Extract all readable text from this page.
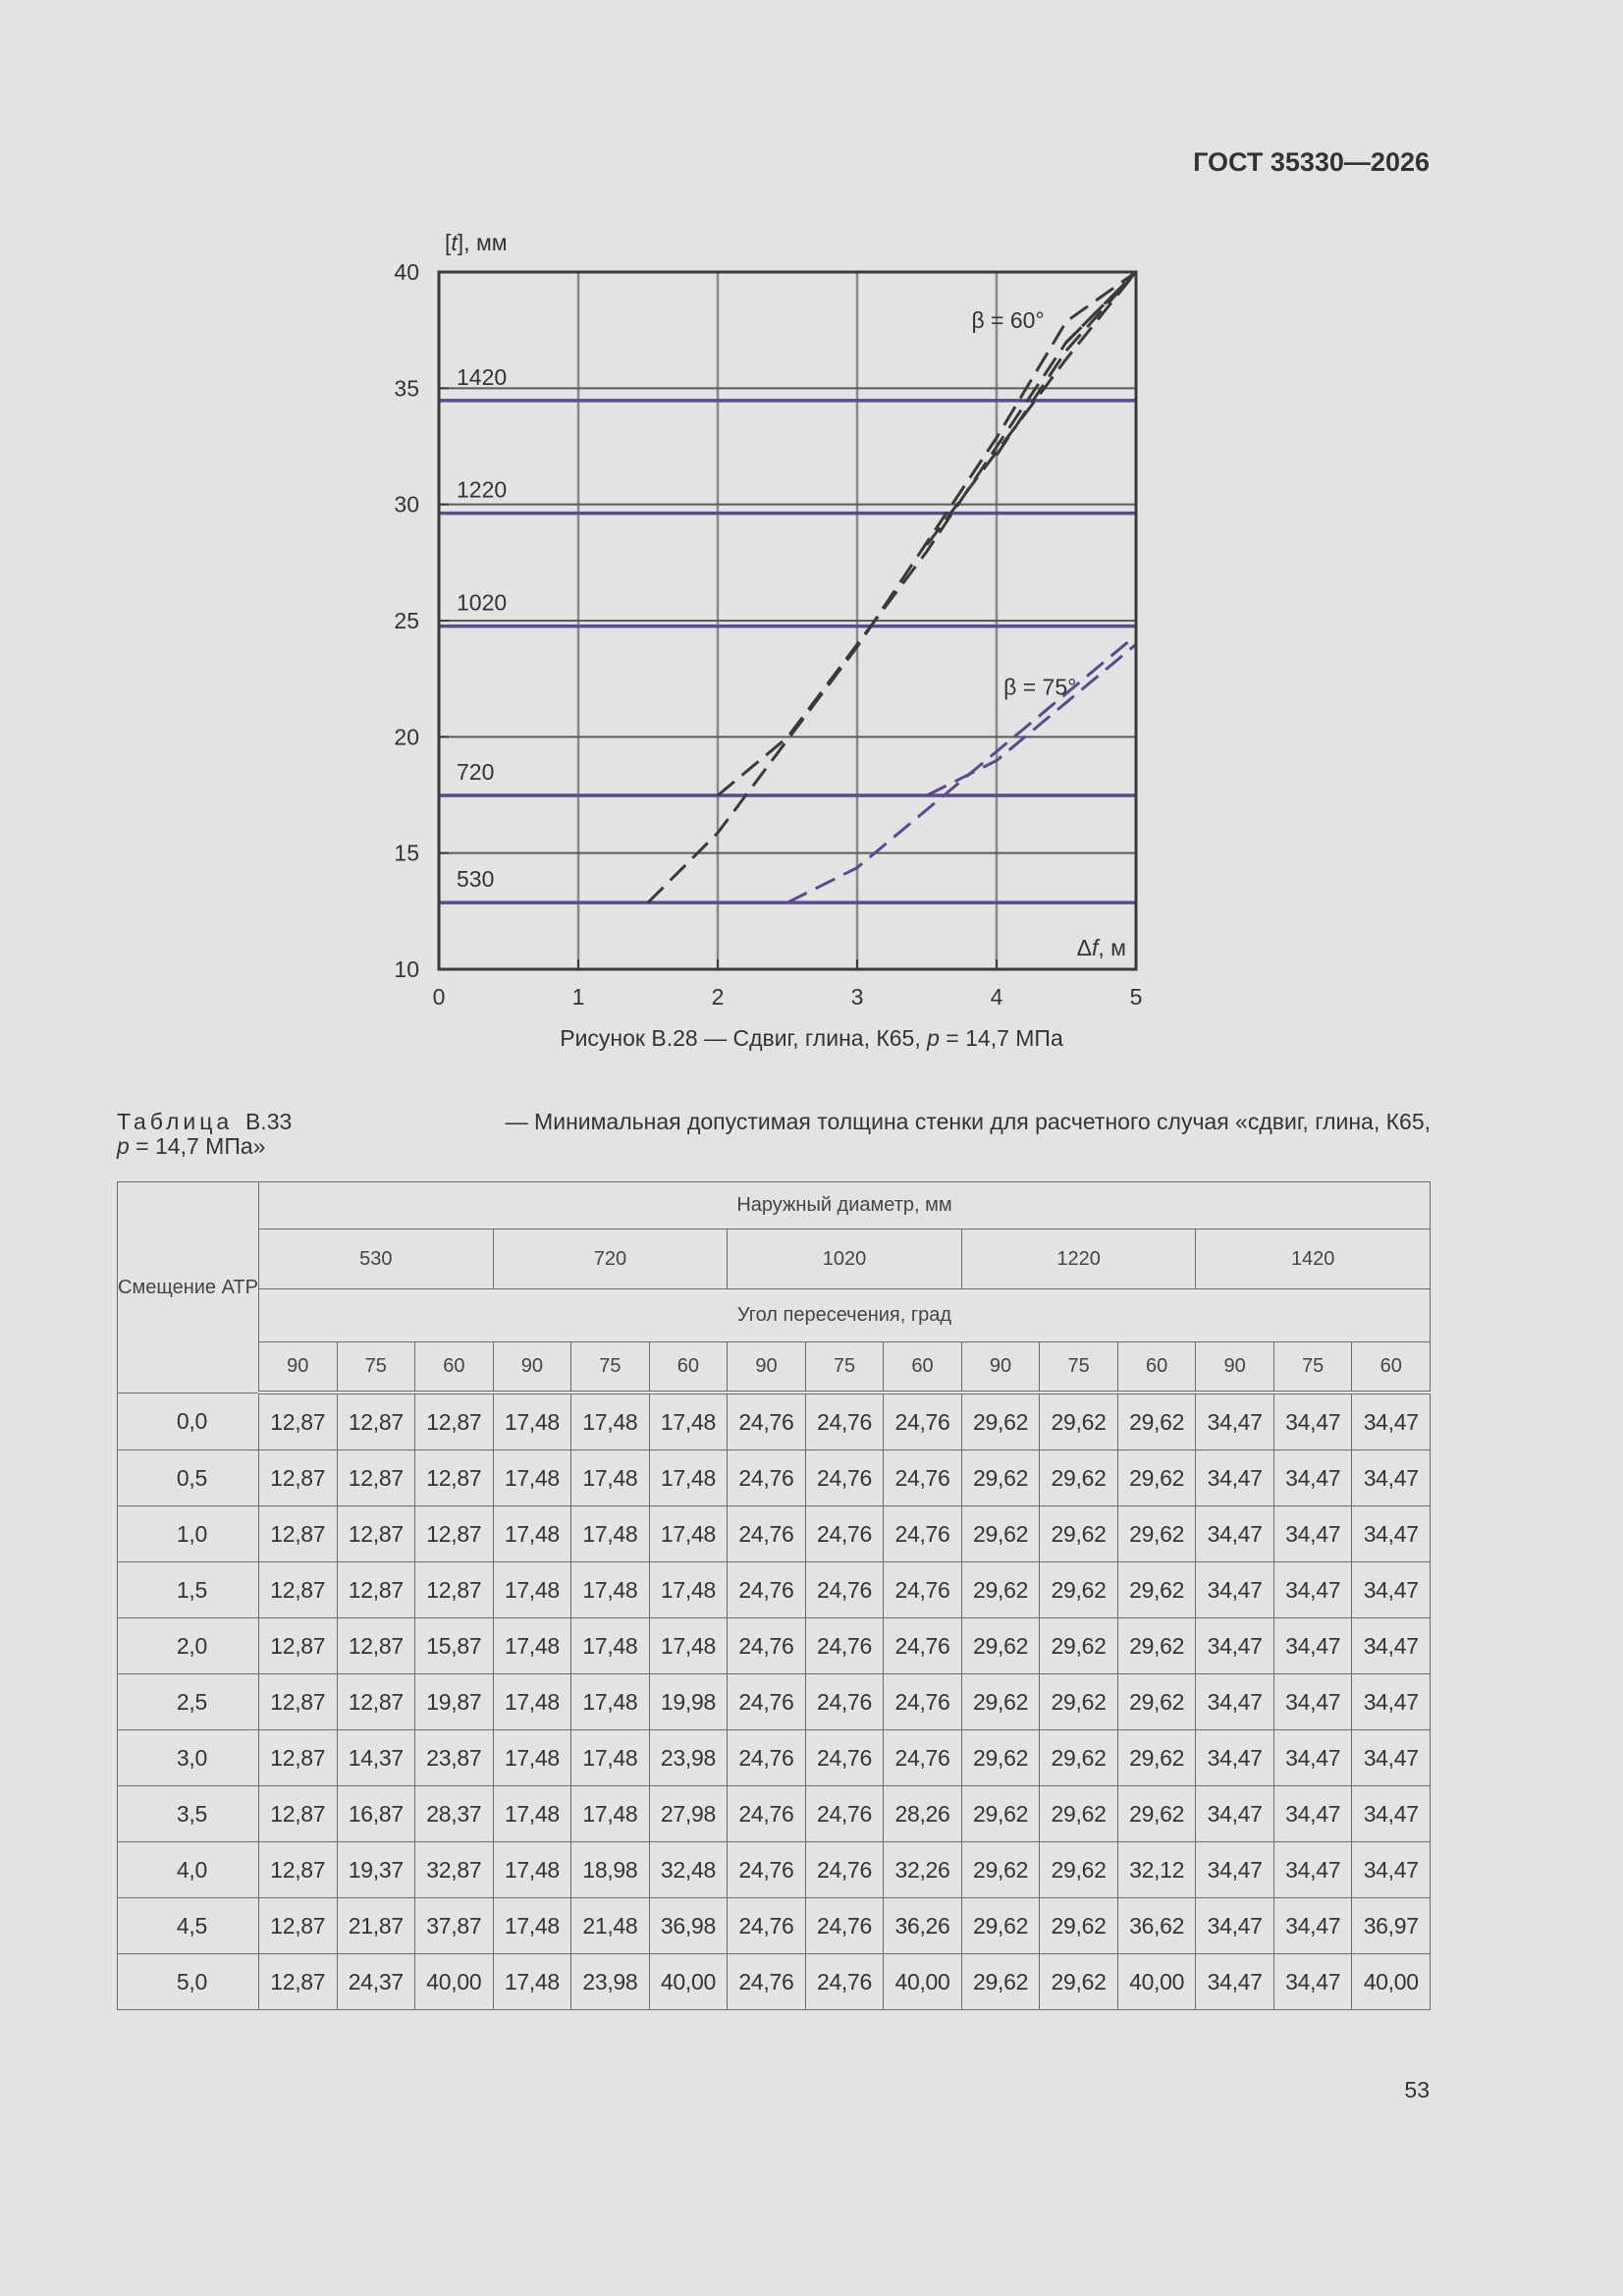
ГОСТ 35330—2026
530
720
1020
1220
1420
0	1	2	3	4	5
10
15
20
25
30
35
40
[t], мм
Δf, м
β = 60°
β = 75°
Рисунок В.28 — Сдвиг, глина, К65, p = 14,7 МПа
Таблица В.33	— Минимальная допустимая толщина стенки для расчетного случая «сдвиг, глина, К65,
p = 14,7 МПа»
Смещение АТР	Наружный диаметр, мм														
	530			720			1020			1220			1420		
	Угол пересечения, град														
	90	75	60	90	75	60	90	75	60	90	75	60	90	75	60
0,0	12,87	12,87	12,87	17,48	17,48	17,48	24,76	24,76	24,76	29,62	29,62	29,62	34,47	34,47	34,47
0,5	12,87	12,87	12,87	17,48	17,48	17,48	24,76	24,76	24,76	29,62	29,62	29,62	34,47	34,47	34,47
1,0	12,87	12,87	12,87	17,48	17,48	17,48	24,76	24,76	24,76	29,62	29,62	29,62	34,47	34,47	34,47
1,5	12,87	12,87	12,87	17,48	17,48	17,48	24,76	24,76	24,76	29,62	29,62	29,62	34,47	34,47	34,47
2,0	12,87	12,87	15,87	17,48	17,48	17,48	24,76	24,76	24,76	29,62	29,62	29,62	34,47	34,47	34,47
2,5	12,87	12,87	19,87	17,48	17,48	19,98	24,76	24,76	24,76	29,62	29,62	29,62	34,47	34,47	34,47
3,0	12,87	14,37	23,87	17,48	17,48	23,98	24,76	24,76	24,76	29,62	29,62	29,62	34,47	34,47	34,47
3,5	12,87	16,87	28,37	17,48	17,48	27,98	24,76	24,76	28,26	29,62	29,62	29,62	34,47	34,47	34,47
4,0	12,87	19,37	32,87	17,48	18,98	32,48	24,76	24,76	32,26	29,62	29,62	32,12	34,47	34,47	34,47
4,5	12,87	21,87	37,87	17,48	21,48	36,98	24,76	24,76	36,26	29,62	29,62	36,62	34,47	34,47	36,97
5,0	12,87	24,37	40,00	17,48	23,98	40,00	24,76	24,76	40,00	29,62	29,62	40,00	34,47	34,47	40,00
53
